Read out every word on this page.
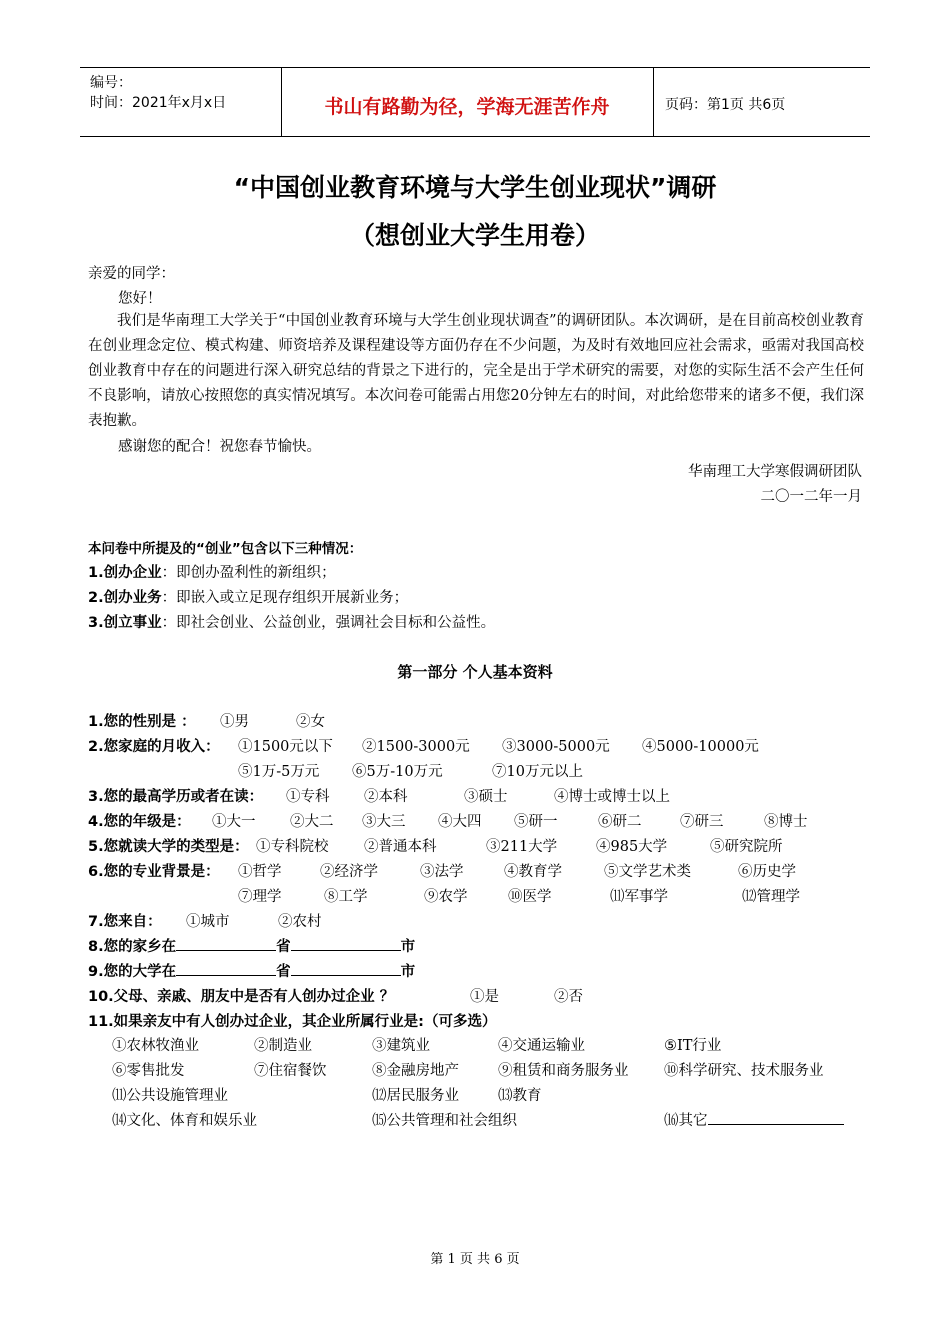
编号：
时间：2021年x月x日	书山有路勤为径，学海无涯苦作舟	页码：第1页 共6页
“中国创业教育环境与大学生创业现状”调研
（想创业大学生用卷）
亲爱的同学：
您好！
我们是华南理工大学关于“中国创业教育环境与大学生创业现状调查”的调研团队。本次调研，是在目前高校创业教育在创业理念定位、模式构建、师资培养及课程建设等方面仍存在不少问题，为及时有效地回应社会需求，亟需对我国高校创业教育中存在的问题进行深入研究总结的背景之下进行的，完全是出于学术研究的需要，对您的实际生活不会产生任何不良影响，请放心按照您的真实情况填写。本次问卷可能需占用您20分钟左右的时间，对此给您带来的诸多不便，我们深表抱歉。
感谢您的配合！祝您春节愉快。
华南理工大学寒假调研团队
二〇一二年一月
本问卷中所提及的“创业”包含以下三种情况：
1.创办企业：即创办盈利性的新组织；
2.创办业务：即嵌入或立足现存组织开展新业务；
3.创立事业：即社会创业、公益创业，强调社会目标和公益性。
第一部分 个人基本资料
1.您的性别是 ： ①男	②女
2.您家庭的月收入： ①1500元以下 ②1500-3000元 ③3000-5000元 ④5000-10000元
⑤1万-5万元 ⑥5万-10万元	⑦10万元以上
3.您的最高学历或者在读： ①专科 ②本科	③硕士	④博士或博士以上
4.您的年级是： ①大一 ②大二 ③大三 ④大四 ⑤研一	⑥研二	⑦研三	⑧博士
5.您就读大学的类型是： ①专科院校 ②普通本科	③211大学	④985大学	⑤研究院所
6.您的专业背景是： ①哲学	②经济学	③法学	④教育学	⑤文学艺术类	⑥历史学
⑦理学	⑧工学	⑨农学	⑩医学	⑾军事学	⑿管理学
7.您来自： ①城市	②农村
8.您的家乡在	省	市
9.您的大学在	省	市
10.父母、亲戚、朋友中是否有人创办过企业 ？	①是	②否
11.如果亲友中有人创办过企业，其企业所属行业是:（可多选）
①农林牧渔业	②制造业	③建筑业	④交通运输业	⑤IT行业
⑥零售批发	⑦住宿餐饮	⑧金融房地产	⑨租赁和商务服务业 ⑩科学研究、技术服务业
⑾公共设施管理业	⑿居民服务业	⒀教育
⒁文化、体育和娱乐业	⒂公共管理和社会组织	⒃其它
第 1 页 共 6 页
